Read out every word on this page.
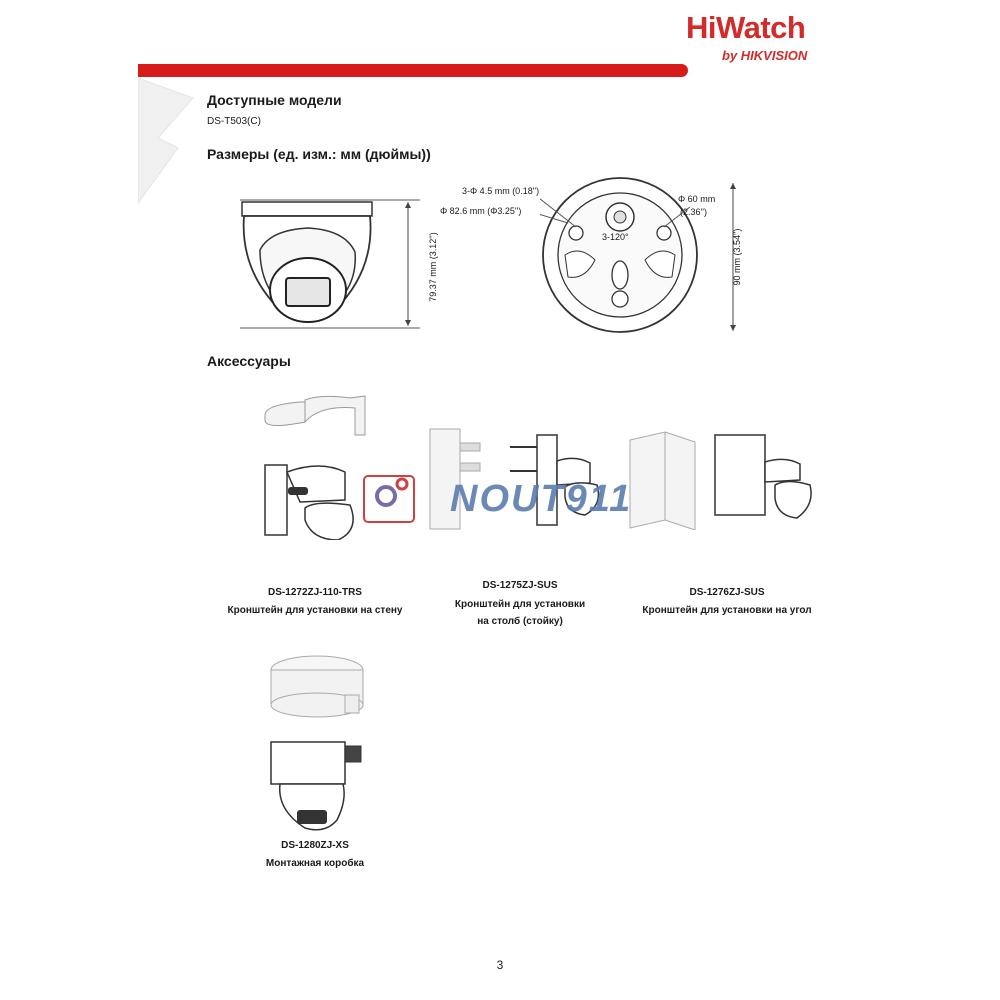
HiWatch
by HIKVISION
Доступные модели
DS-T503(C)
Размеры (ед. изм.: мм (дюймы))
79.37 mm (3.12'')
3-Φ 4.5 mm (0.18'')
Φ 82.6 mm (Φ3.25'')
Φ 60 mm
(2.36'')
3-120°	90 mm (3.54'')
Аксессуары
DS-1272ZJ-110-TRS
Кронштейн для установки на стену
DS-1275ZJ-SUS
Кронштейн для установки
на столб (стойку)
DS-1276ZJ-SUS
Кронштейн для установки на угол
NOUT911
DS-1280ZJ-XS
Монтажная коробка
3
